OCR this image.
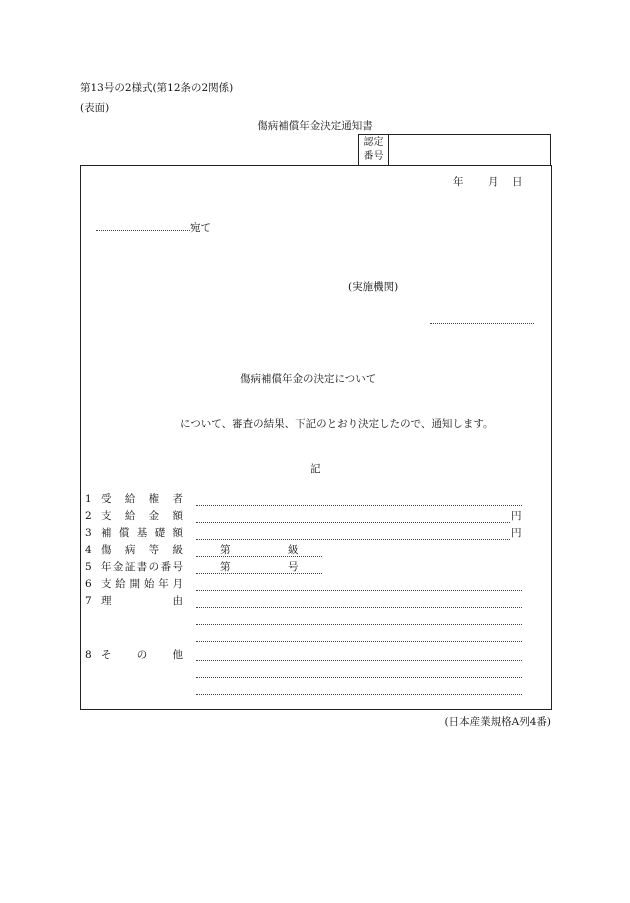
第13号の2様式(第12条の2関係)
(表面)
傷病補償年金決定通知書
認定
番号
年 月 日
宛て
(実施機関)
傷病補償年金の決定について
について、審査の結果、下記のとおり決定したので、通知します。
記
1 受給権者
2 支給金額	円
3 補償基礎額	円
4 傷病等級	第	級
5 年金証書の番号	第	号
6 支給開始年月
7 理由
8 その他
(日本産業規格A列4番)
